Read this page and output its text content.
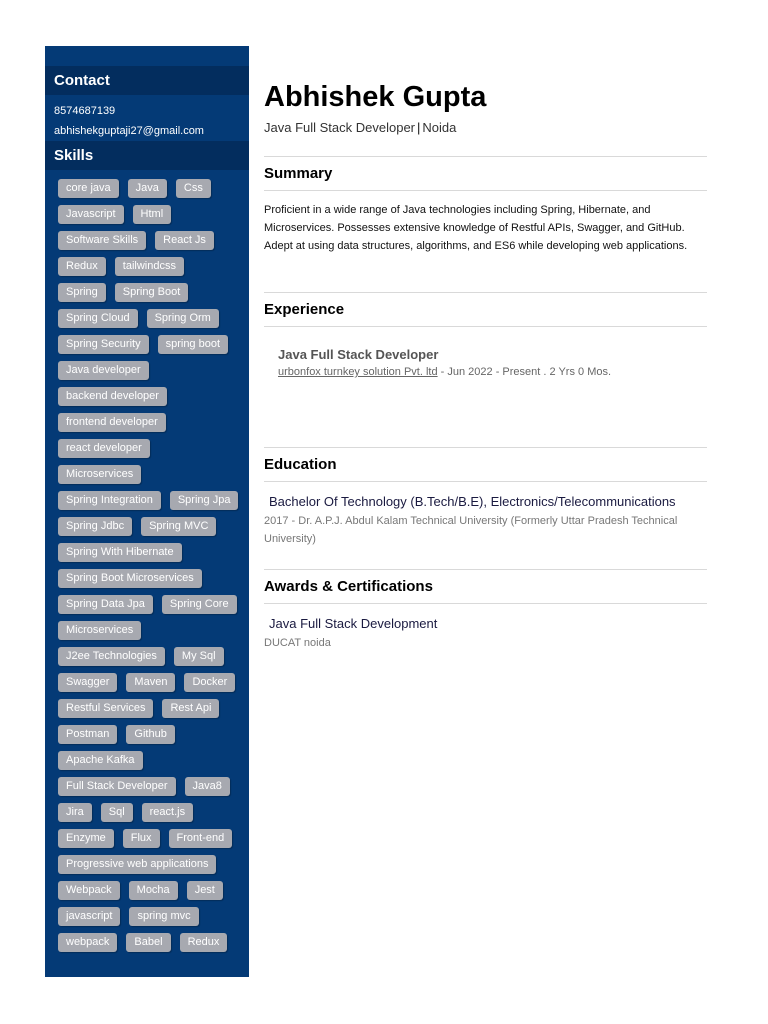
Contact
8574687139
abhishekguptaji27@gmail.com
Skills
core java	Java	Css
Javascript	Html
Software Skills	React Js
Redux	tailwindcss
Spring	Spring Boot
Spring Cloud	Spring Orm
Spring Security	spring boot
Java developer
backend developer
frontend developer
react developer
Microservices
Spring Integration	Spring Jpa
Spring Jdbc	Spring MVC
Spring With Hibernate
Spring Boot Microservices
Spring Data Jpa	Spring Core
Microservices
J2ee Technologies	My Sql
Swagger	Maven	Docker
Restful Services	Rest Api
Postman	Github
Apache Kafka
Full Stack Developer	Java8
Jira	Sql	react.js
Enzyme	Flux	Front-end
Progressive web applications
Webpack	Mocha	Jest
javascript	spring mvc
webpack	Babel	Redux
Abhishek Gupta
Java Full Stack Developer | Noida
Summary
Proficient in a wide range of Java technologies including Spring, Hibernate, and Microservices. Possesses extensive knowledge of Restful APIs, Swagger, and GitHub. Adept at using data structures, algorithms, and ES6 while developing web applications.
Experience
Java Full Stack Developer
urbonfox turnkey solution Pvt. ltd - Jun 2022 - Present . 2 Yrs 0 Mos.
Education
Bachelor Of Technology (B.Tech/B.E), Electronics/Telecommunications
2017 - Dr. A.P.J. Abdul Kalam Technical University (Formerly Uttar Pradesh Technical University)
Awards & Certifications
Java Full Stack Development
DUCAT noida
